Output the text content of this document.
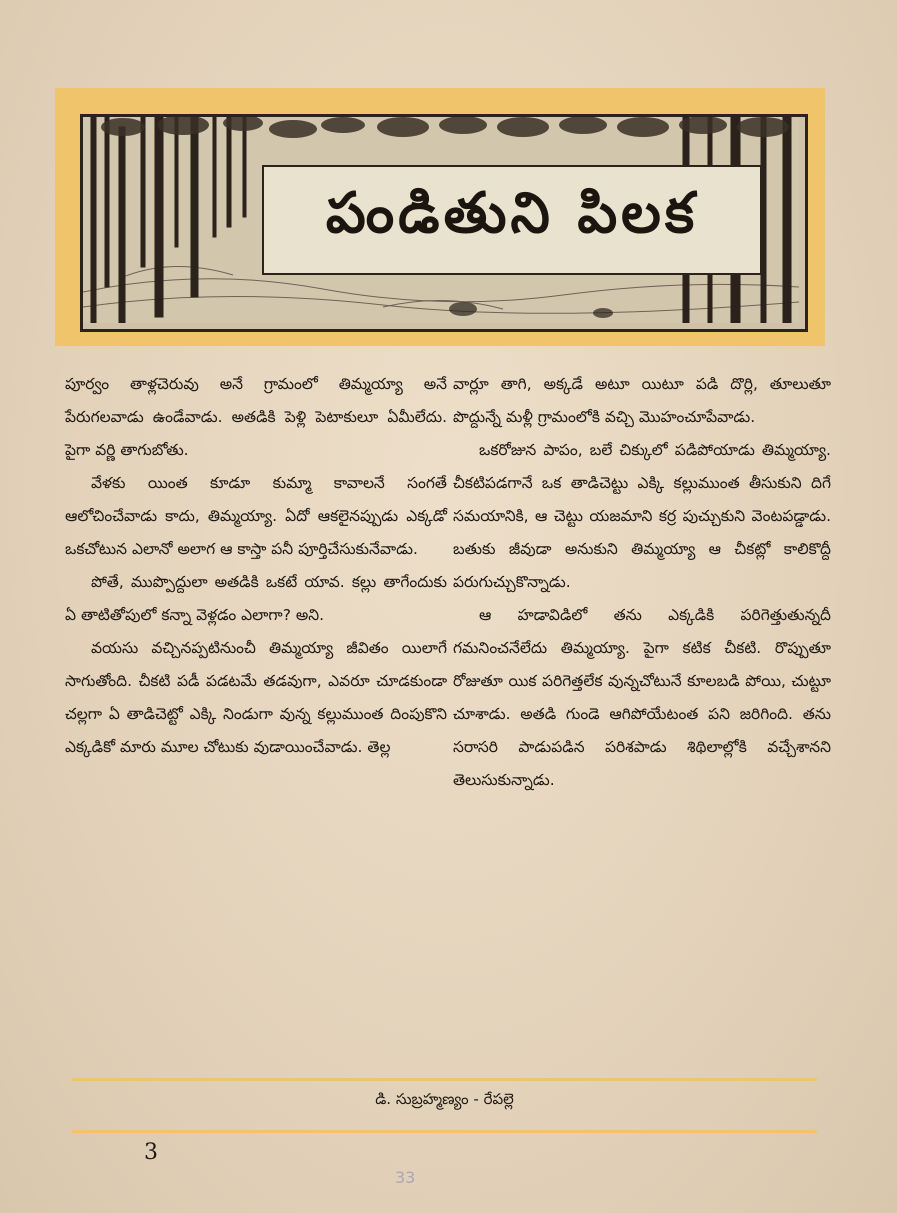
పండితుని పిలక

పూర్వం తాళ్లచెరువు అనే గ్రామంలో తిమ్మయ్యా అనే పేరుగలవాడు ఉండేవాడు. అతడికి పెళ్లి పెటాకులూ ఏమీలేదు. పైగా వర్ణి తాగుబోతు.

వేళకు యింత కూడూ కుమ్మా కావాలనే సంగతే ఆలోచించేవాడు కాదు, తిమ్మయ్యా. ఏదో ఆకలైనప్పుడు ఎక్కడో ఒకచోటున ఎలానో అలాగ ఆ కాస్తా పనీ పూర్తిచేసుకునేవాడు.

పోతే, ముప్పొద్దులా అతడికి ఒకటే యావ. కల్లు తాగేందుకు ఏ తాటితోపులో కన్నా వెళ్లడం ఎలాగా? అని.

వయసు వచ్చినప్పటినుంచీ తిమ్మయ్యా జీవితం యిలాగే సాగుతోంది. చీకటి పడీ పడటమే తడవుగా, ఎవరూ చూడకుండా చల్లగా ఏ తాడిచెట్టో ఎక్కి నిండుగా వున్న కల్లుముంత దింపుకొని ఎక్కడికో మారు మూల చోటుకు వుడాయించేవాడు. తెల్ల

వార్లూ తాగి, అక్కడే అటూ యిటూ పడి దొర్లి, తూలుతూ పొద్దున్నే మళ్లీ గ్రామంలోకి వచ్చి మొహంచూపేవాడు.

ఒకరోజున పాపం, బలే చిక్కులో పడిపోయాడు తిమ్మయ్యా. చీకటిపడగానే ఒక తాడిచెట్టు ఎక్కి కల్లుముంత తీసుకుని దిగే సమయానికి, ఆ చెట్టు యజమాని కర్ర పుచ్చుకుని వెంటపడ్డాడు. బతుకు జీవుడా అనుకుని తిమ్మయ్యా ఆ చీకట్లో కాలికొద్దీ పరుగుచ్చుకొన్నాడు.

ఆ హడావిడిలో తను ఎక్కడికి పరిగెత్తుతున్నదీ గమనించనేలేదు తిమ్మయ్యా. పైగా కటిక చీకటి. రొప్పుతూ రోజుతూ యిక పరిగెత్తలేక వున్నచోటునే కూలబడి పోయి, చుట్టూ చూశాడు. అతడి గుండె ఆగిపోయేటంత పని జరిగింది. తను సరాసరి పాడుపడిన పరిశపాడు శిథిలాల్లోకి వచ్చేశానని తెలుసుకున్నాడు.

డి. సుబ్రహ్మణ్యం - రేపల్లె
3
33
